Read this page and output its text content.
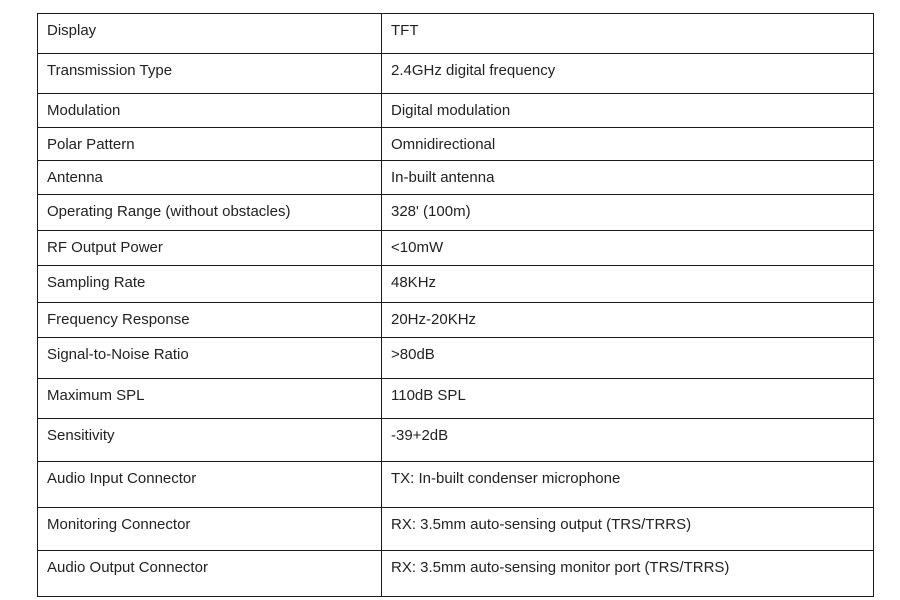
Display	TFT

Transmission Type	2.4GHz digital frequency

Modulation	Digital modulation

Polar Pattern	Omnidirectional

Antenna	In-built antenna

Operating Range (without obstacles)	328' (100m)

RF Output Power	<10mW

Sampling Rate	48KHz

Frequency Response	20Hz-20KHz

Signal-to-Noise Ratio	>80dB

Maximum SPL	110dB SPL

Sensitivity	-39+2dB

Audio Input Connector	TX: In-built condenser microphone

Monitoring Connector	RX: 3.5mm auto-sensing output (TRS/TRRS)

Audio Output Connector	RX: 3.5mm auto-sensing monitor port (TRS/TRRS)
